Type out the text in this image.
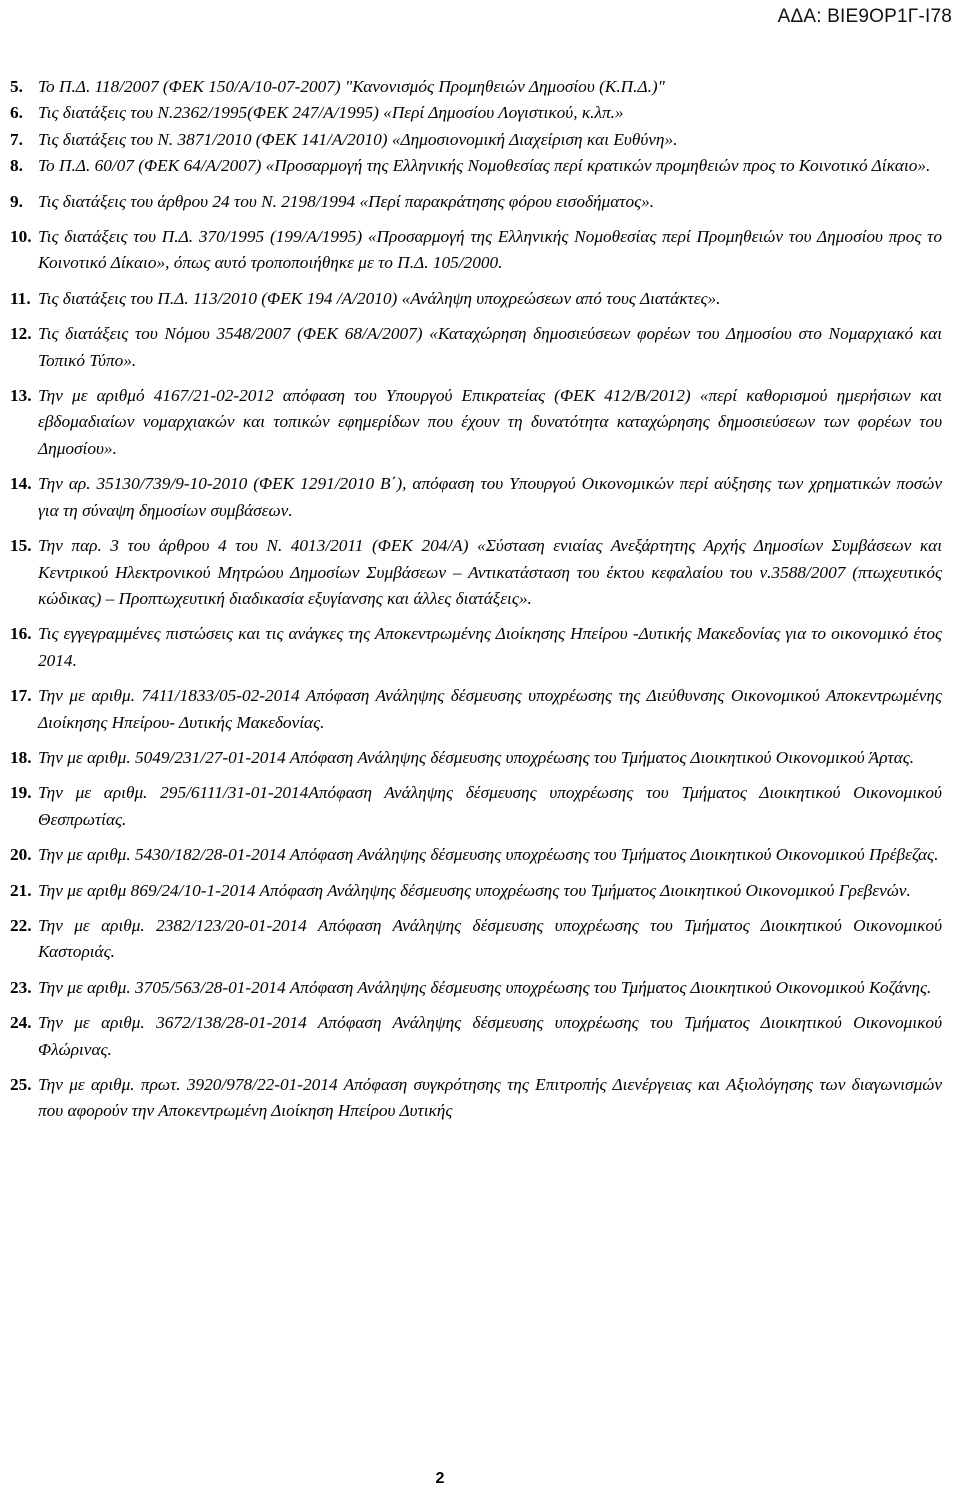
ΑΔΑ: ΒΙΕ9ΟΡ1Γ-Ι78
5. Το Π.Δ. 118/2007 (ΦΕΚ 150/Α/10-07-2007) "Κανονισμός Προμηθειών Δημοσίου (Κ.Π.Δ.)"
6. Τις διατάξεις του Ν.2362/1995(ΦΕΚ 247/Α/1995) «Περί Δημοσίου Λογιστικού, κ.λπ.»
7. Τις διατάξεις του Ν. 3871/2010 (ΦΕΚ 141/Α/2010) «Δημοσιονομική Διαχείριση και Ευθύνη».
8. Το Π.Δ. 60/07 (ΦΕΚ 64/Α/2007) «Προσαρμογή της Ελληνικής Νομοθεσίας περί κρατικών προμηθειών προς το Κοινοτικό Δίκαιο».
9. Τις διατάξεις του άρθρου 24 του Ν. 2198/1994 «Περί παρακράτησης φόρου εισοδήματος».
10. Τις διατάξεις του Π.Δ. 370/1995 (199/Α/1995) «Προσαρμογή της Ελληνικής Νομοθεσίας περί Προμηθειών του Δημοσίου προς το Κοινοτικό Δίκαιο», όπως αυτό τροποποιήθηκε με το Π.Δ. 105/2000.
11. Τις διατάξεις του Π.Δ. 113/2010 (ΦΕΚ 194 /Α/2010) «Ανάληψη υποχρεώσεων από τους Διατάκτες».
12. Τις διατάξεις του Νόμου 3548/2007 (ΦΕΚ 68/Α/2007) «Καταχώρηση δημοσιεύσεων φορέων του Δημοσίου στο Νομαρχιακό και Τοπικό Τύπο».
13. Την με αριθμό 4167/21-02-2012 απόφαση του Υπουργού Επικρατείας (ΦΕΚ 412/Β/2012) «περί καθορισμού ημερήσιων και εβδομαδιαίων νομαρχιακών και τοπικών εφημερίδων που έχουν τη δυνατότητα καταχώρησης δημοσιεύσεων των φορέων του Δημοσίου».
14. Την αρ. 35130/739/9-10-2010 (ΦΕΚ 1291/2010 Β΄), απόφαση του Υπουργού Οικονομικών περί αύξησης των χρηματικών ποσών για τη σύναψη δημοσίων συμβάσεων.
15. Την παρ. 3 του άρθρου 4 του Ν. 4013/2011 (ΦΕΚ 204/Α) «Σύσταση ενιαίας Ανεξάρτητης Αρχής Δημοσίων Συμβάσεων και Κεντρικού Ηλεκτρονικού Μητρώου Δημοσίων Συμβάσεων – Αντικατάσταση του έκτου κεφαλαίου του ν.3588/2007 (πτωχευτικός κώδικας) – Προπτωχευτική διαδικασία εξυγίανσης και άλλες διατάξεις».
16. Τις εγγεγραμμένες πιστώσεις και τις ανάγκες της Αποκεντρωμένης Διοίκησης Ηπείρου -Δυτικής Μακεδονίας για το οικονομικό έτος 2014.
17. Την με αριθμ. 7411/1833/05-02-2014 Απόφαση Ανάληψης δέσμευσης υποχρέωσης της Διεύθυνσης Οικονομικού Αποκεντρωμένης Διοίκησης Ηπείρου- Δυτικής Μακεδονίας.
18. Την με αριθμ. 5049/231/27-01-2014 Απόφαση Ανάληψης δέσμευσης υποχρέωσης του Τμήματος Διοικητικού Οικονομικού Άρτας.
19. Την με αριθμ. 295/6111/31-01-2014Απόφαση Ανάληψης δέσμευσης υποχρέωσης του Τμήματος Διοικητικού Οικονομικού Θεσπρωτίας.
20. Την με αριθμ. 5430/182/28-01-2014 Απόφαση Ανάληψης δέσμευσης υποχρέωσης του Τμήματος Διοικητικού Οικονομικού Πρέβεζας.
21. Την με αριθμ 869/24/10-1-2014 Απόφαση Ανάληψης δέσμευσης υποχρέωσης του Τμήματος Διοικητικού Οικονομικού Γρεβενών.
22. Την με αριθμ. 2382/123/20-01-2014 Απόφαση Ανάληψης δέσμευσης υποχρέωσης του Τμήματος Διοικητικού Οικονομικού Καστοριάς.
23. Την με αριθμ. 3705/563/28-01-2014 Απόφαση Ανάληψης δέσμευσης υποχρέωσης του Τμήματος Διοικητικού Οικονομικού Κοζάνης.
24. Την με αριθμ. 3672/138/28-01-2014 Απόφαση Ανάληψης δέσμευσης υποχρέωσης του Τμήματος Διοικητικού Οικονομικού Φλώρινας.
25. Την με αριθμ. πρωτ. 3920/978/22-01-2014 Απόφαση συγκρότησης της Επιτροπής Διενέργειας και Αξιολόγησης των διαγωνισμών που αφορούν την Αποκεντρωμένη Διοίκηση Ηπείρου Δυτικής
2
